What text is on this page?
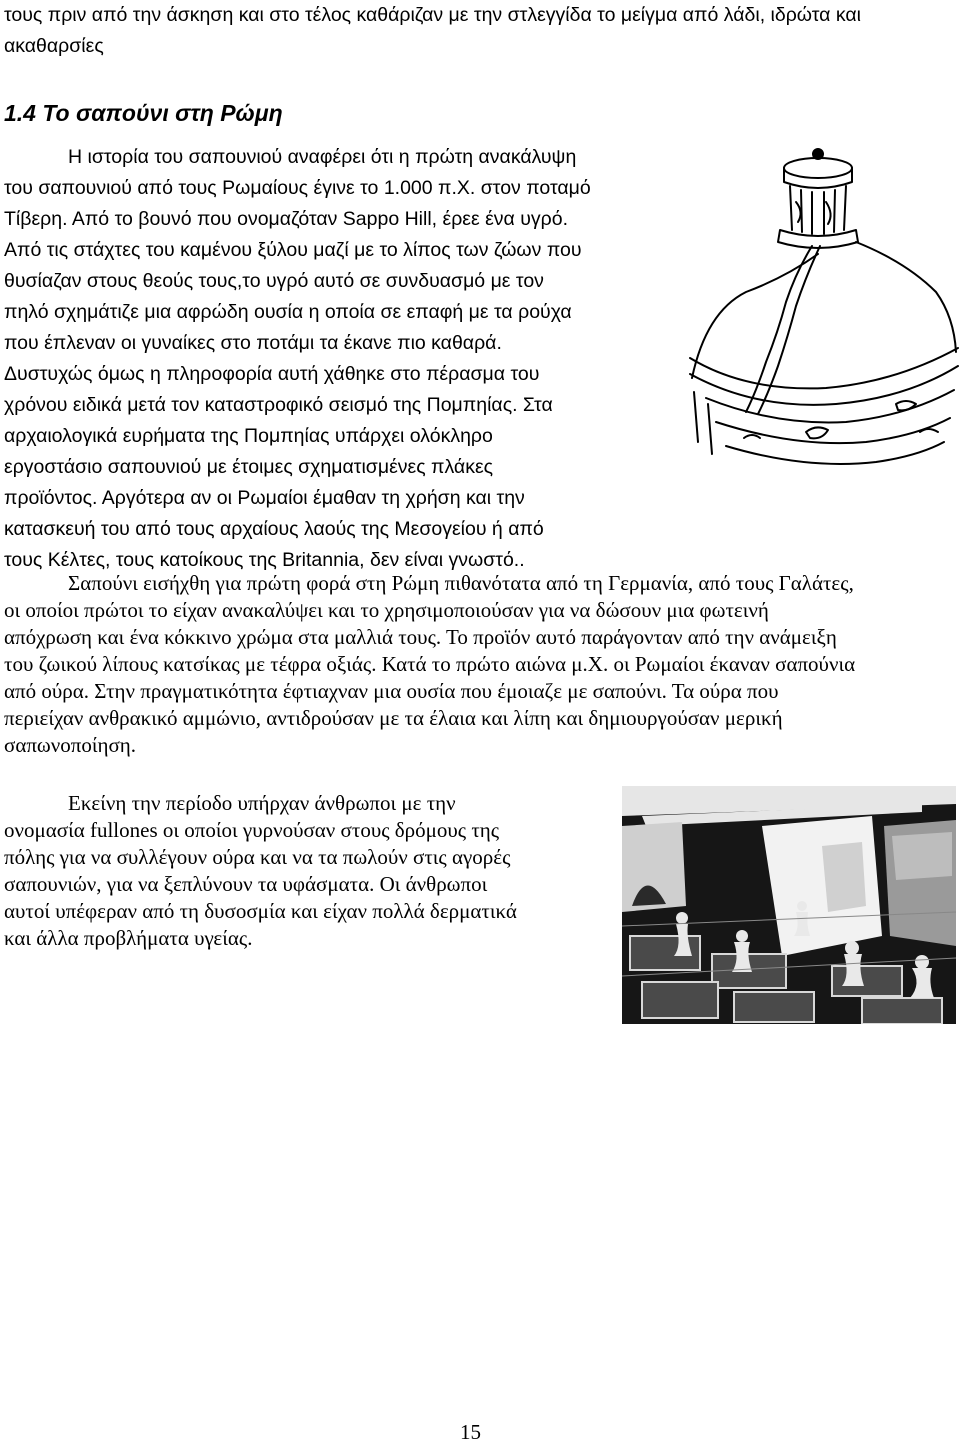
τους πριν από την άσκηση και στο τέλος καθάριζαν με την στλεγγίδα το μείγμα από λάδι, ιδρώτα και
ακαθαρσίες
1.4 Το σαπούνι στη Ρώμη
Η ιστορία του σαπουνιού αναφέρει ότι η πρώτη ανακάλυψη
του σαπουνιού από τους Ρωμαίους έγινε το 1.000 π.Χ. στον ποταμό
Τίβερη. Από το βουνό που ονομαζόταν Sappo Hill, έρεε ένα υγρό.
Από τις στάχτες του καμένου ξύλου μαζί με το λίπος των ζώων που
θυσίαζαν στους θεούς τους,το υγρό αυτό σε συνδυασμό με τον
πηλό σχημάτιζε μια αφρώδη ουσία η οποία σε επαφή με τα ρούχα
που έπλεναν οι γυναίκες στο ποτάμι τα έκανε πιο καθαρά.
Δυστυχώς όμως η πληροφορία αυτή χάθηκε στο πέρασμα του
χρόνου ειδικά μετά τον καταστροφικό σεισμό της Πομπηίας. Στα
αρχαιολογικά ευρήματα της Πομπηίας υπάρχει ολόκληρο
εργοστάσιο σαπουνιού με έτοιμες σχηματισμένες πλάκες
προϊόντος. Αργότερα αν οι Ρωμαίοι έμαθαν τη χρήση και την
κατασκευή του από τους αρχαίους λαούς της Μεσογείου ή από
τους Κέλτες, τους κατοίκους της Britannia, δεν είναι γνωστό..
Σαπούνι εισήχθη για πρώτη φορά στη Ρώμη πιθανότατα από τη Γερμανία, από τους Γαλάτες,
οι οποίοι πρώτοι το είχαν ανακαλύψει και το χρησιμοποιούσαν για να δώσουν μια φωτεινή
απόχρωση και ένα κόκκινο χρώμα στα μαλλιά τους. Το προϊόν αυτό παράγονταν από την ανάμειξη
του ζωικού λίπους κατσίκας με τέφρα οξιάς. Κατά το πρώτο αιώνα μ.Χ. οι Ρωμαίοι έκαναν σαπούνια
από ούρα. Στην πραγματικότητα έφτιαχναν μια ουσία που έμοιαζε με σαπούνι. Τα ούρα που
περιείχαν ανθρακικό αμμώνιο, αντιδρούσαν με τα έλαια και λίπη και δημιουργούσαν μερική
σαπωνοποίηση.
Εκείνη την περίοδο υπήρχαν άνθρωποι με την
ονομασία fullones οι οποίοι γυρνούσαν στους δρόμους της
πόλης για να συλλέγουν ούρα και να τα πωλούν στις αγορές
σαπουνιών, για να ξεπλύνουν τα υφάσματα. Οι άνθρωποι
αυτοί υπέφεραν από τη δυσοσμία και είχαν πολλά δερματικά
και άλλα προβλήματα υγείας.
15
